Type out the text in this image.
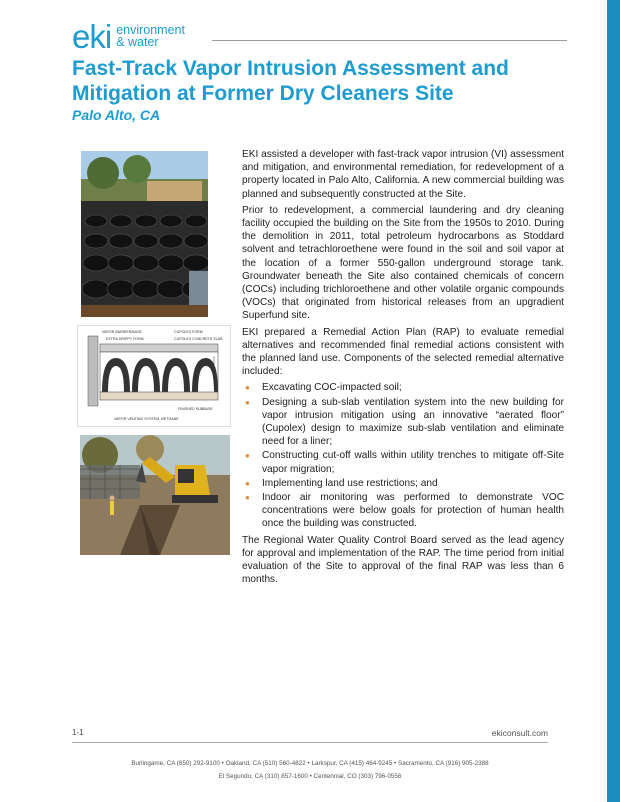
eki environment
& water
Fast-Track Vapor Intrusion Assessment and Mitigation at Former Dry Cleaners Site
Palo Alto, CA
VAPOR BARRIER/BASE	CUPOLEX FORM
EXTRA DRIPPY FORM	CUPOLEX CONCRETE SLAB
FINISHED SUBBASE
VAPOR VENTING SYSTEM, METHANE

EKI assisted a developer with fast-track vapor intrusion (VI) assessment and mitigation, and environmental remediation, for redevelopment of a property located in Palo Alto, California. A new commercial building was planned and subsequently constructed at the Site.

Prior to redevelopment, a commercial laundering and dry cleaning facility occupied the building on the Site from the 1950s to 2010. During the demolition in 2011, total petroleum hydrocarbons as Stoddard solvent and tetrachloroethene were found in the soil and soil vapor at the location of a former 550-gallon underground storage tank. Groundwater beneath the Site also contained chemicals of concern (COCs) including trichloroethene and other volatile organic compounds (VOCs) that originated from historical releases from an upgradient Superfund site.

EKI prepared a Remedial Action Plan (RAP) to evaluate remedial alternatives and recommended final remedial actions consistent with the planned land use. Components of the selected remedial alternative included:

● Excavating COC-impacted soil;
● Designing a sub-slab ventilation system into the new building for vapor intrusion mitigation using an innovative “aerated floor” (Cupolex) design to maximize sub-slab ventilation and eliminate need for a liner;
● Constructing cut-off walls within utility trenches to mitigate off-Site vapor migration;
● Implementing land use restrictions; and
● Indoor air monitoring was performed to demonstrate VOC concentrations were below goals for protection of human health once the building was constructed.

The Regional Water Quality Control Board served as the lead agency for approval and implementation of the RAP. The time period from initial evaluation of the Site to approval of the final RAP was less than 6 months.

1-1	ekiconsult.com
Burlingame, CA (650) 292-9100 • Oakland, CA (510) 560-4822 • Larkspur, CA (415) 464-9245 • Sacramento, CA (916) 905-2388
El Segundo, CA (310) 857-1600 • Centennial, CO (303) 796-0556
